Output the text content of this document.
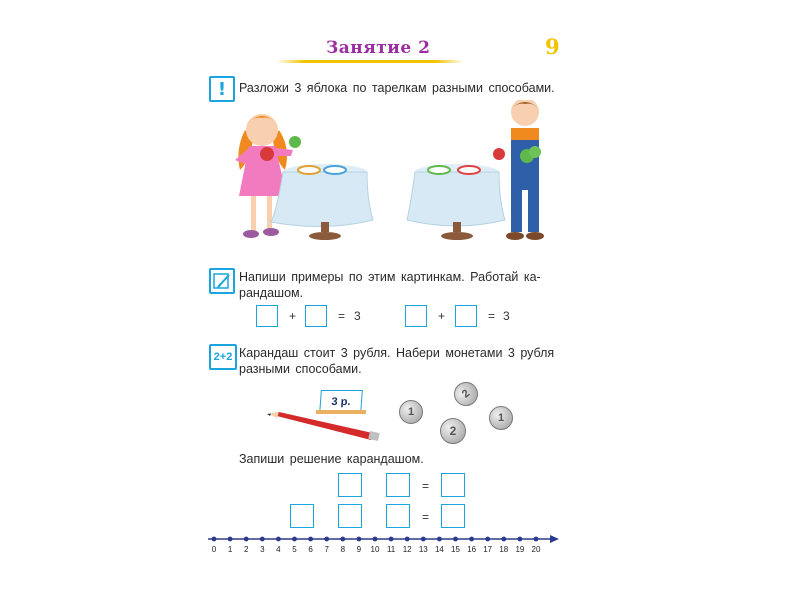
Занятие 2	9
! Разложи 3 яблока по тарелкам разными способами.
Напиши примеры по этим картинкам. Работай ка-
рандашом.
+	= 3	+	= 3
2+2 Карандаш стоит 3 рубля. Набери монетами 3 рубля
разными способами.
3 р.
1
2
2
1
Запиши решение карандашом.
=
=
0	1	2	3	4	5	6	7	8	9	10 11 12 13 14 15 16 17 18 19 20
